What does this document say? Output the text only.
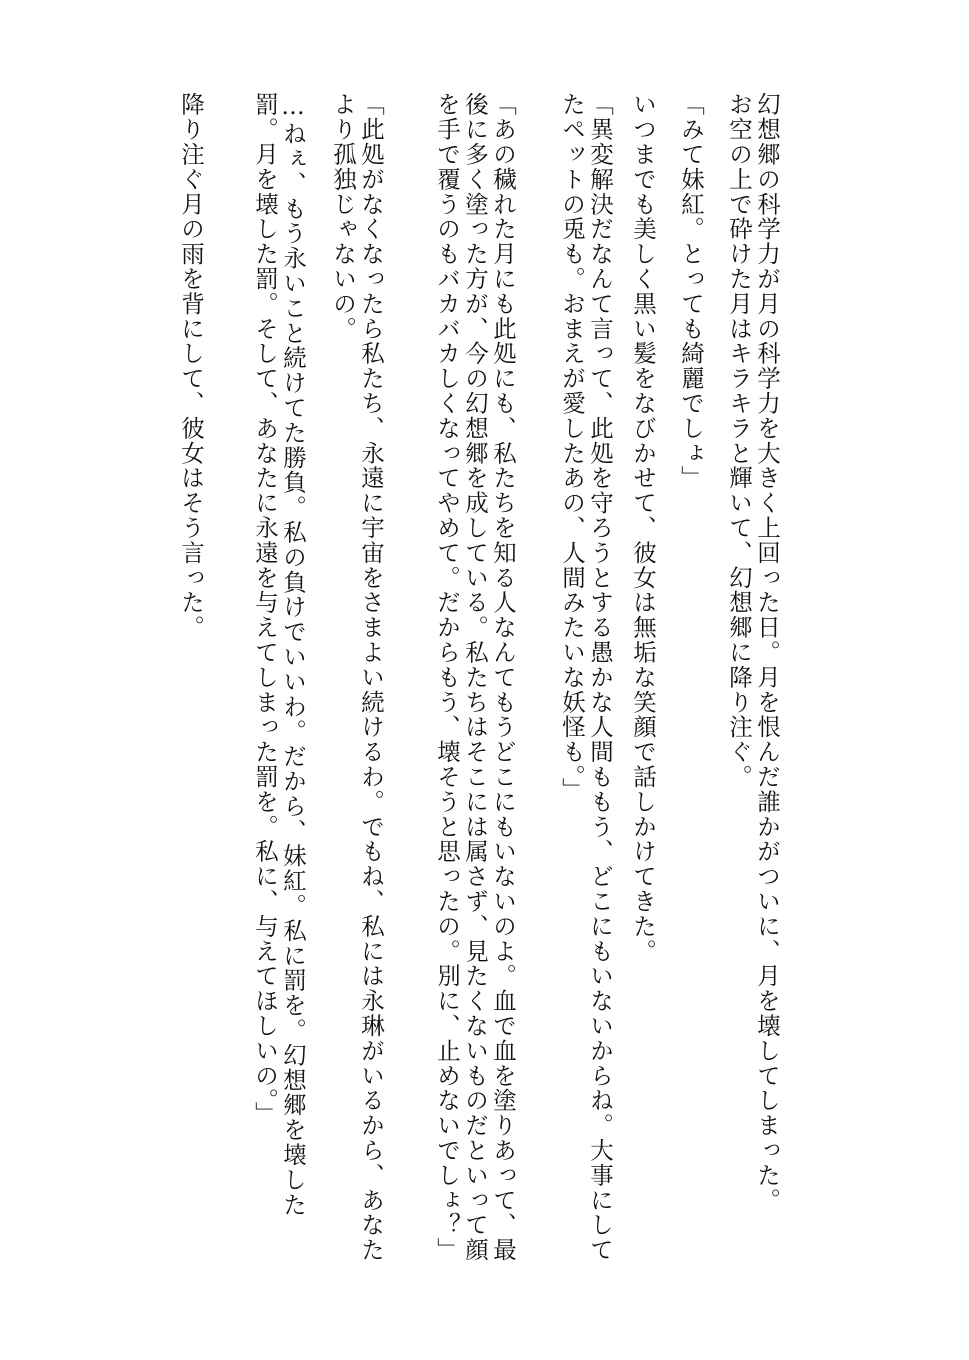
幻想郷の科学力が月の科学力を大きく上回った日。月を恨んだ誰かがついに、月を壊してしまった。

お空の上で砕けた月はキラキラと輝いて、幻想郷に降り注ぐ。

「みて妹紅。とっても綺麗でしょ」

いつまでも美しく黒い髪をなびかせて、彼女は無垢な笑顔で話しかけてきた。

「異変解決だなんて言って、此処を守ろうとする愚かな人間ももう、どこにもいないからね。大事にして

たペットの兎も。おまえが愛したあの、人間みたいな妖怪も。」

「あの穢れた月にも此処にも、私たちを知る人なんてもうどこにもいないのよ。血で血を塗りあって、最

後に多く塗った方が、今の幻想郷を成している。私たちはそこには属さず、見たくないものだといって顔

を手で覆うのもバカバカしくなってやめて。だからもう、壊そうと思ったの。別に、止めないでしょ？」

「此処がなくなったら私たち、永遠に宇宙をさまよい続けるわ。でもね、私には永琳がいるから、あなた

より孤独じゃないの。

…ねぇ、もう永いこと続けてた勝負。私の負けでいいわ。だから、妹紅。私に罰を。幻想郷を壊した

罰。月を壊した罰。そして、あなたに永遠を与えてしまった罰を。私に、与えてほしいの。」

降り注ぐ月の雨を背にして、彼女はそう言った。
